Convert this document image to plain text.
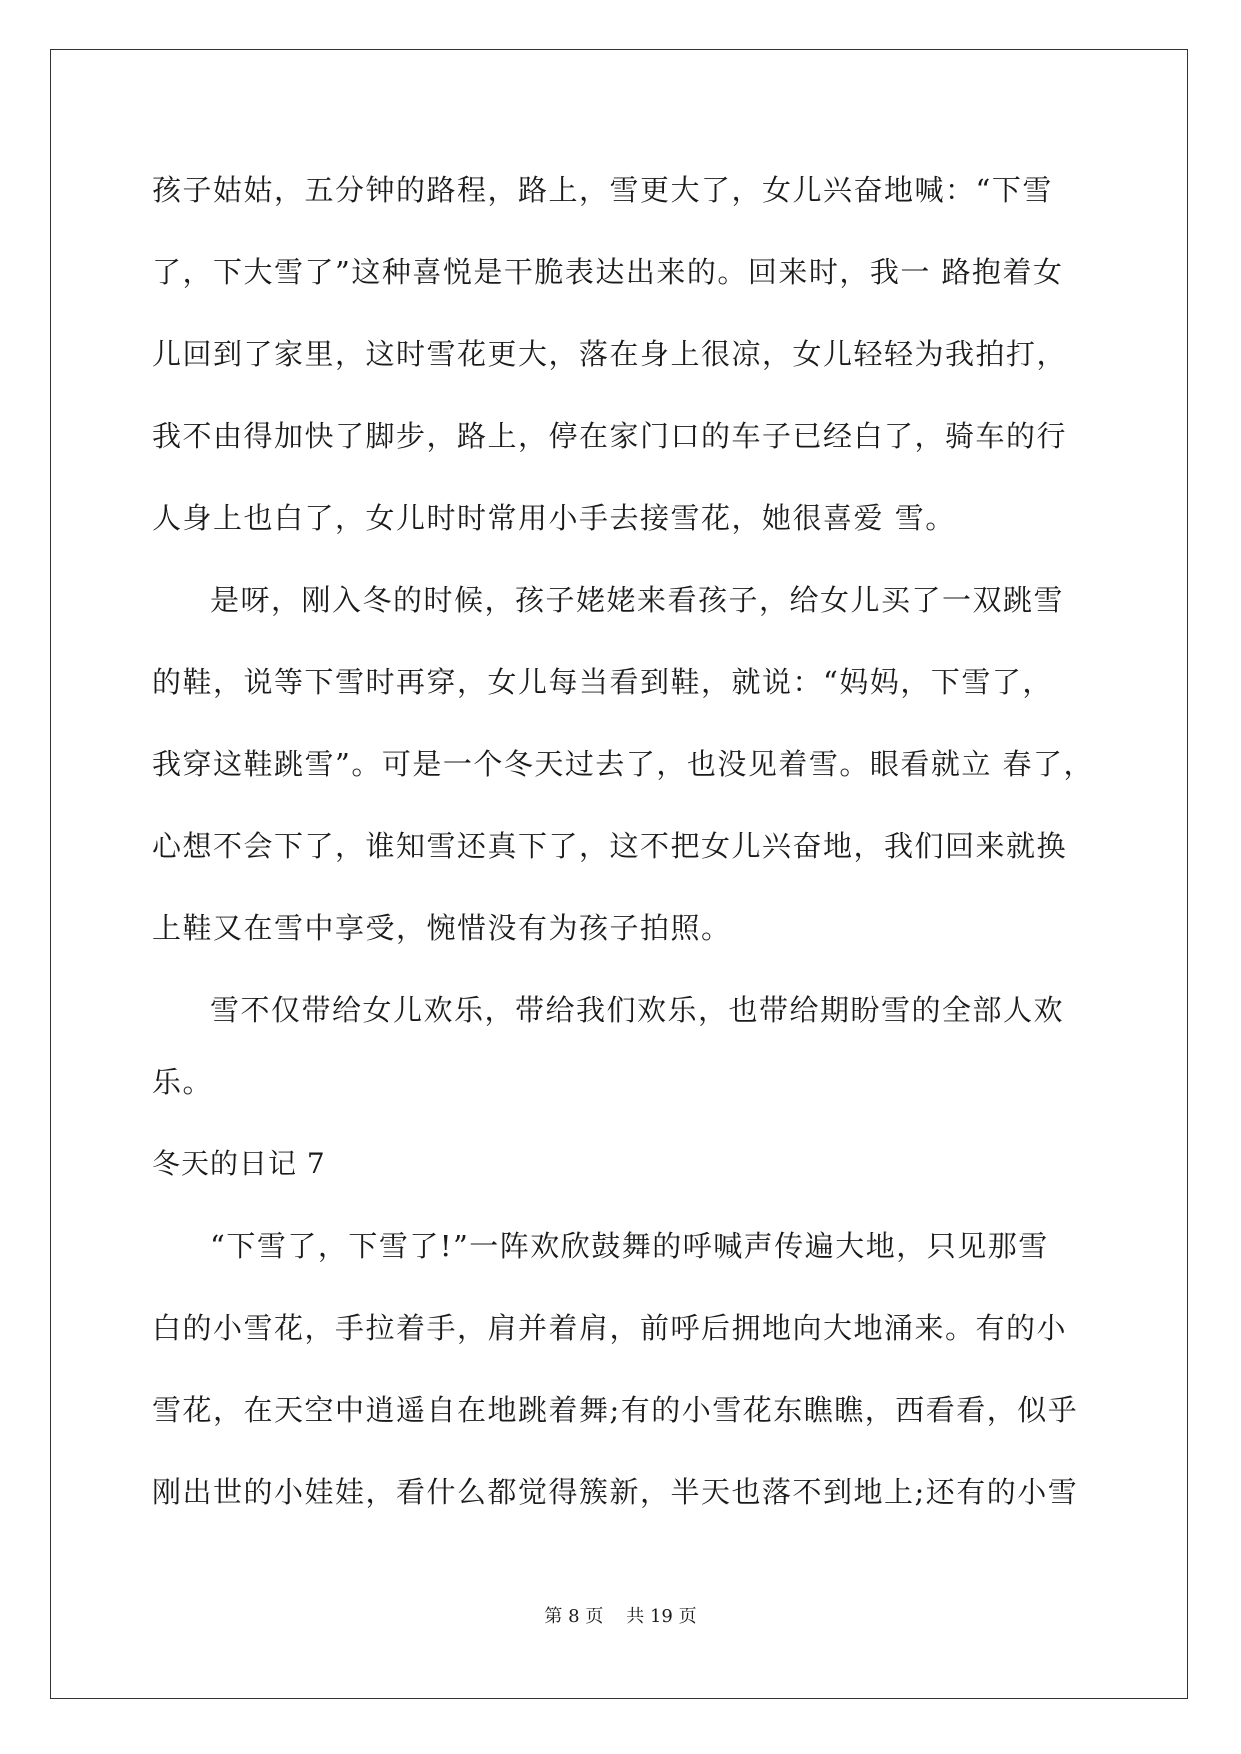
孩子姑姑，五分钟的路程，路上，雪更大了，女儿兴奋地喊：“下雪
了，下大雪了”这种喜悦是干脆表达出来的。回来时，我一 路抱着女
儿回到了家里，这时雪花更大，落在身上很凉，女儿轻轻为我拍打，
我不由得加快了脚步，路上，停在家门口的车子已经白了，骑车的行
人身上也白了，女儿时时常用小手去接雪花，她很喜爱 雪。
是呀，刚入冬的时候，孩子姥姥来看孩子，给女儿买了一双跳雪
的鞋，说等下雪时再穿，女儿每当看到鞋，就说：“妈妈，下雪了，
我穿这鞋跳雪”。可是一个冬天过去了，也没见着雪。眼看就立 春了，
心想不会下了，谁知雪还真下了，这不把女儿兴奋地，我们回来就换
上鞋又在雪中享受，惋惜没有为孩子拍照。
雪不仅带给女儿欢乐，带给我们欢乐，也带给期盼雪的全部人欢
乐。
冬天的日记 7
“下雪了，下雪了!”一阵欢欣鼓舞的呼喊声传遍大地，只见那雪
白的小雪花，手拉着手，肩并着肩，前呼后拥地向大地涌来。有的小
雪花，在天空中逍遥自在地跳着舞;有的小雪花东瞧瞧，西看看，似乎
刚出世的小娃娃，看什么都觉得簇新，半天也落不到地上;还有的小雪
第 8 页 共 19 页
